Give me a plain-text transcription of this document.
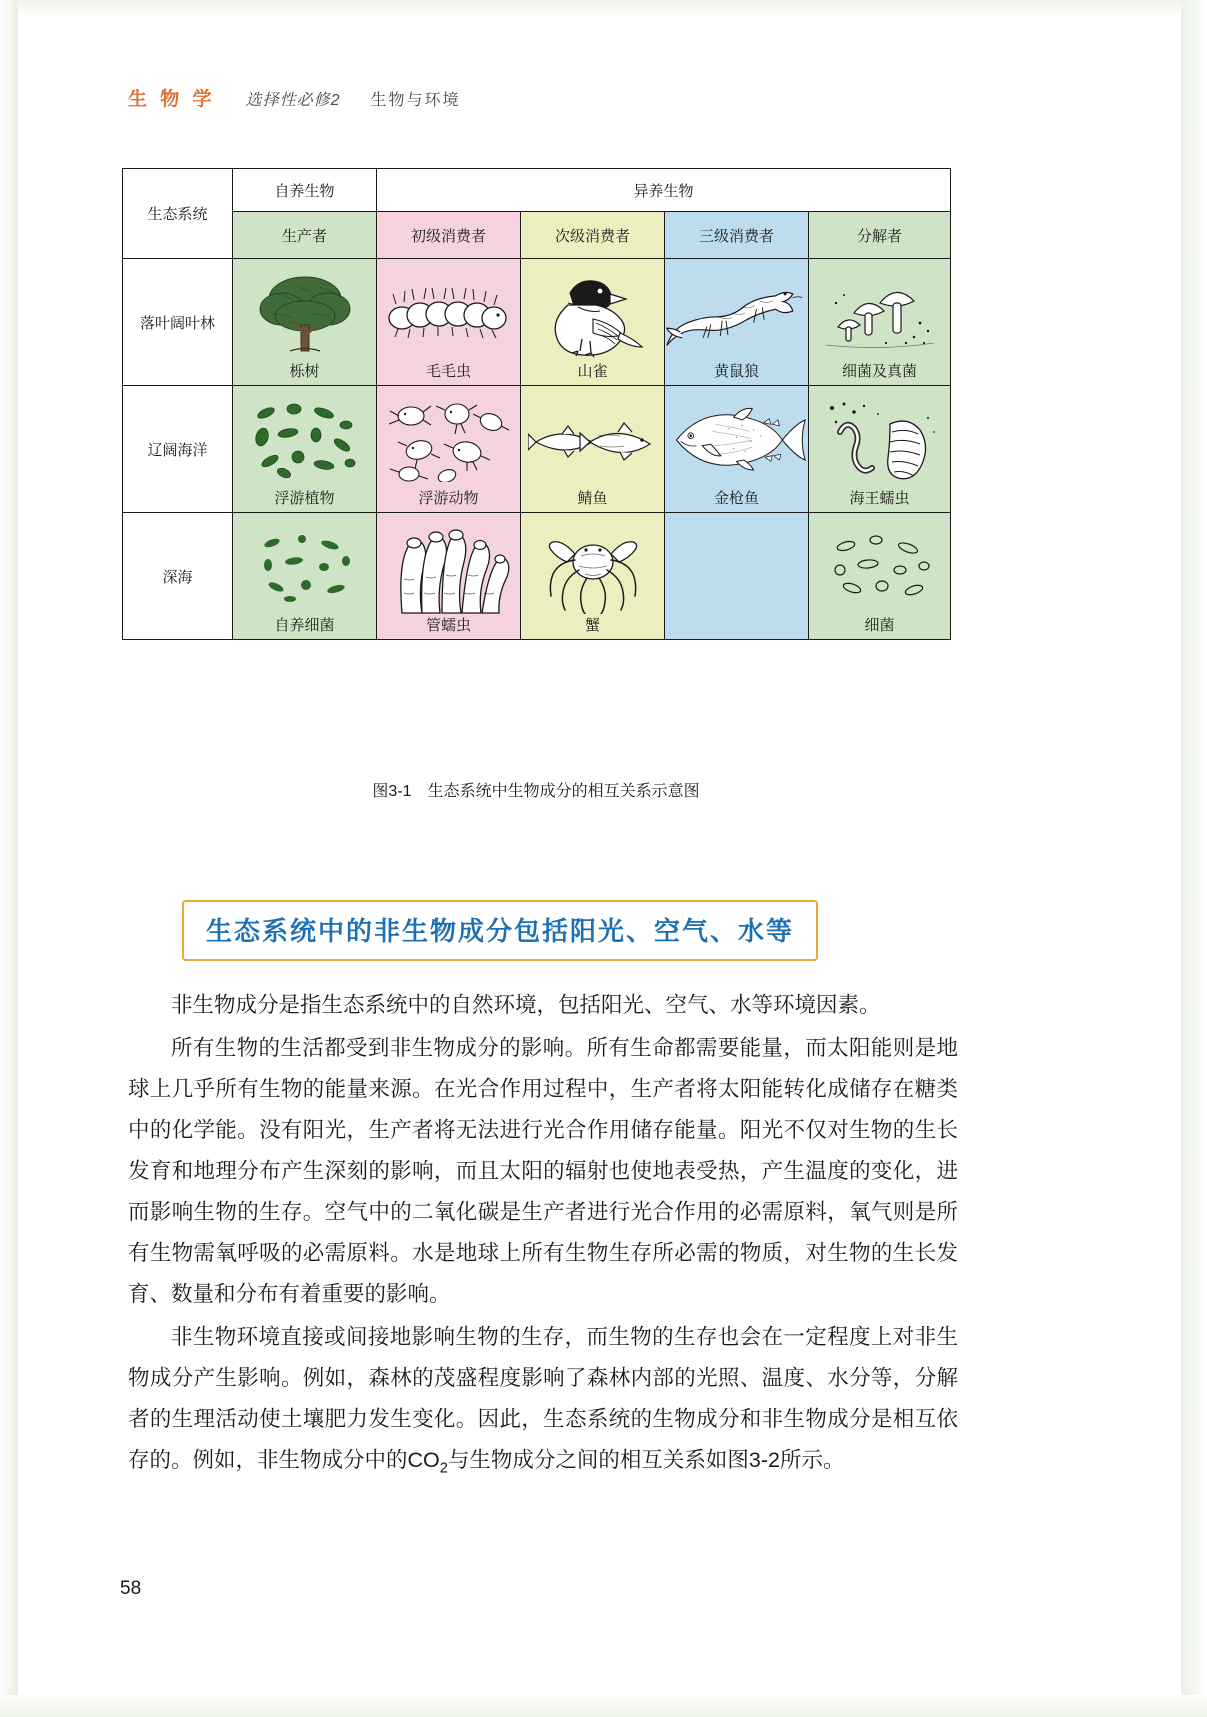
生 物 学 选择性必修2 生物与环境
生态系统	自养生物	异养生物			
	生产者	初级消费者	次级消费者	三级消费者	分解者
落叶阔叶林	栎树	毛毛虫	山雀	黄鼠狼	细菌及真菌

辽阔海洋	浮游植物	浮游动物	鲭鱼	金枪鱼	海王蠕虫

深海	自养细菌	管蠕虫	蟹		细菌
图3-1 生态系统中生物成分的相互关系示意图
生态系统中的非生物成分包括阳光、空气、水等

非生物成分是指生态系统中的自然环境，包括阳光、空气、水等环境因素。

所有生物的生活都受到非生物成分的影响。所有生命都需要能量，而太阳能则是地球上几乎所有生物的能量来源。在光合作用过程中，生产者将太阳能转化成储存在糖类中的化学能。没有阳光，生产者将无法进行光合作用储存能量。阳光不仅对生物的生长发育和地理分布产生深刻的影响，而且太阳的辐射也使地表受热，产生温度的变化，进而影响生物的生存。空气中的二氧化碳是生产者进行光合作用的必需原料，氧气则是所有生物需氧呼吸的必需原料。水是地球上所有生物生存所必需的物质，对生物的生长发育、数量和分布有着重要的影响。

非生物环境直接或间接地影响生物的生存，而生物的生存也会在一定程度上对非生物成分产生影响。例如，森林的茂盛程度影响了森林内部的光照、温度、水分等，分解者的生理活动使土壤肥力发生变化。因此，生态系统的生物成分和非生物成分是相互依存的。例如，非生物成分中的$CO_2$与生物成分之间的相互关系如图3-2所示。

58
